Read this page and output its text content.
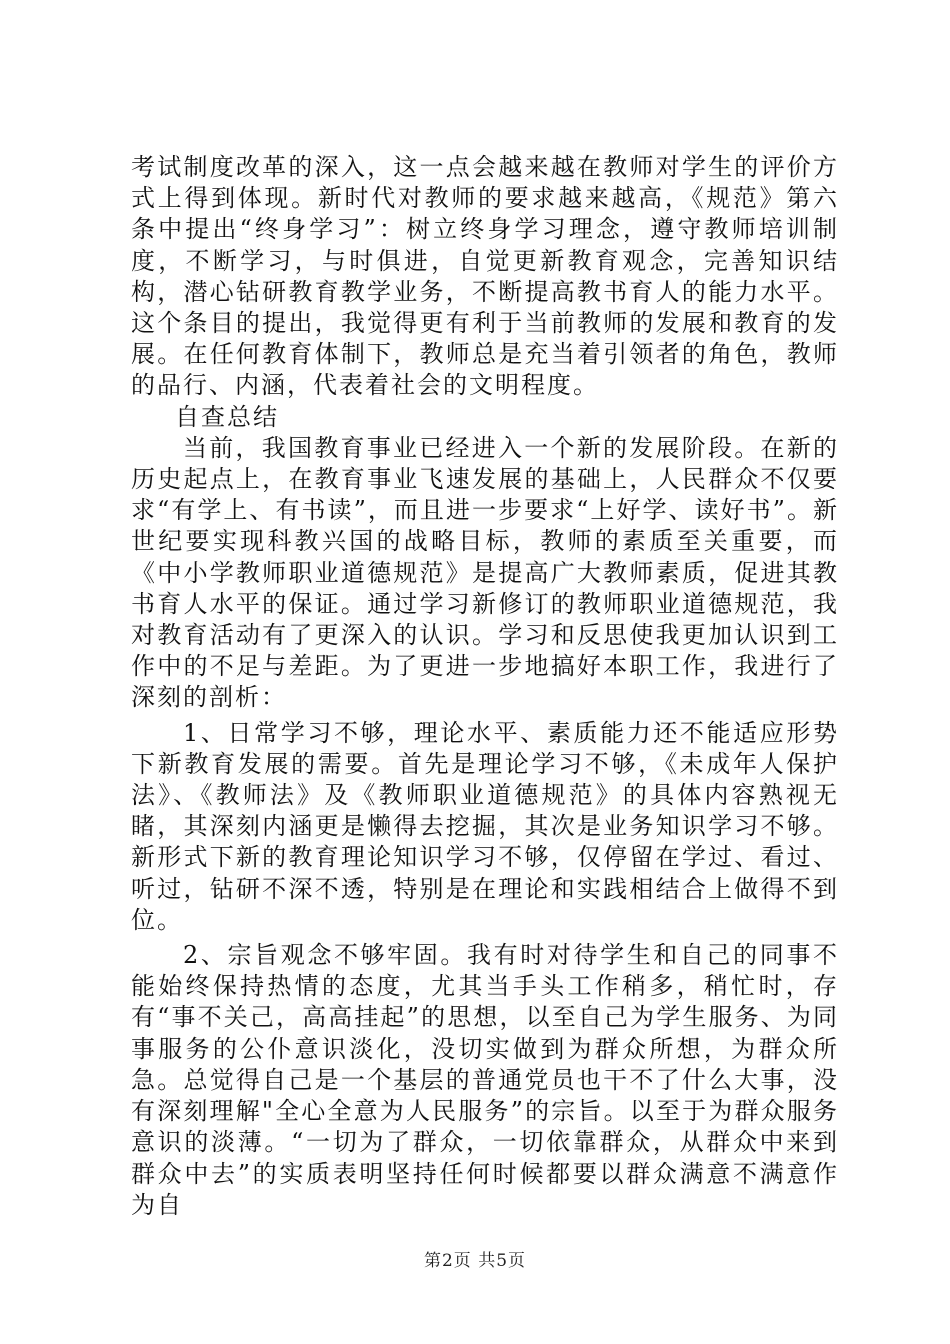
考试制度改革的深入，这一点会越来越在教师对学生的评价方式上得到体现。新时代对教师的要求越来越高，《规范》第六条中提出“终身学习”：树立终身学习理念，遵守教师培训制度，不断学习，与时俱进，自觉更新教育观念，完善知识结构，潜心钻研教育教学业务，不断提高教书育人的能力水平。这个条目的提出，我觉得更有利于当前教师的发展和教育的发展。在任何教育体制下，教师总是充当着引领者的角色，教师的品行、内涵，代表着社会的文明程度。

自查总结

当前，我国教育事业已经进入一个新的发展阶段。在新的历史起点上，在教育事业飞速发展的基础上，人民群众不仅要求“有学上、有书读”，而且进一步要求“上好学、读好书”。新世纪要实现科教兴国的战略目标，教师的素质至关重要，而《中小学教师职业道德规范》是提高广大教师素质，促进其教书育人水平的保证。通过学习新修订的教师职业道德规范，我对教育活动有了更深入的认识。学习和反思使我更加认识到工作中的不足与差距。为了更进一步地搞好本职工作，我进行了深刻的剖析：

1、日常学习不够，理论水平、素质能力还不能适应形势下新教育发展的需要。首先是理论学习不够，《未成年人保护法》、《教师法》及《教师职业道德规范》的具体内容熟视无睹，其深刻内涵更是懒得去挖掘，其次是业务知识学习不够。新形式下新的教育理论知识学习不够，仅停留在学过、看过、听过，钻研不深不透，特别是在理论和实践相结合上做得不到位。

2、宗旨观念不够牢固。我有时对待学生和自己的同事不能始终保持热情的态度，尤其当手头工作稍多，稍忙时，存有“事不关己，高高挂起”的思想，以至自己为学生服务、为同事服务的公仆意识淡化，没切实做到为群众所想，为群众所急。总觉得自己是一个基层的普通党员也干不了什么大事，没有深刻理解"全心全意为人民服务”的宗旨。以至于为群众服务意识的淡薄。“一切为了群众，一切依靠群众，从群众中来到群众中去”的实质表明坚持任何时候都要以群众满意不满意作为自

第2页 共5页
